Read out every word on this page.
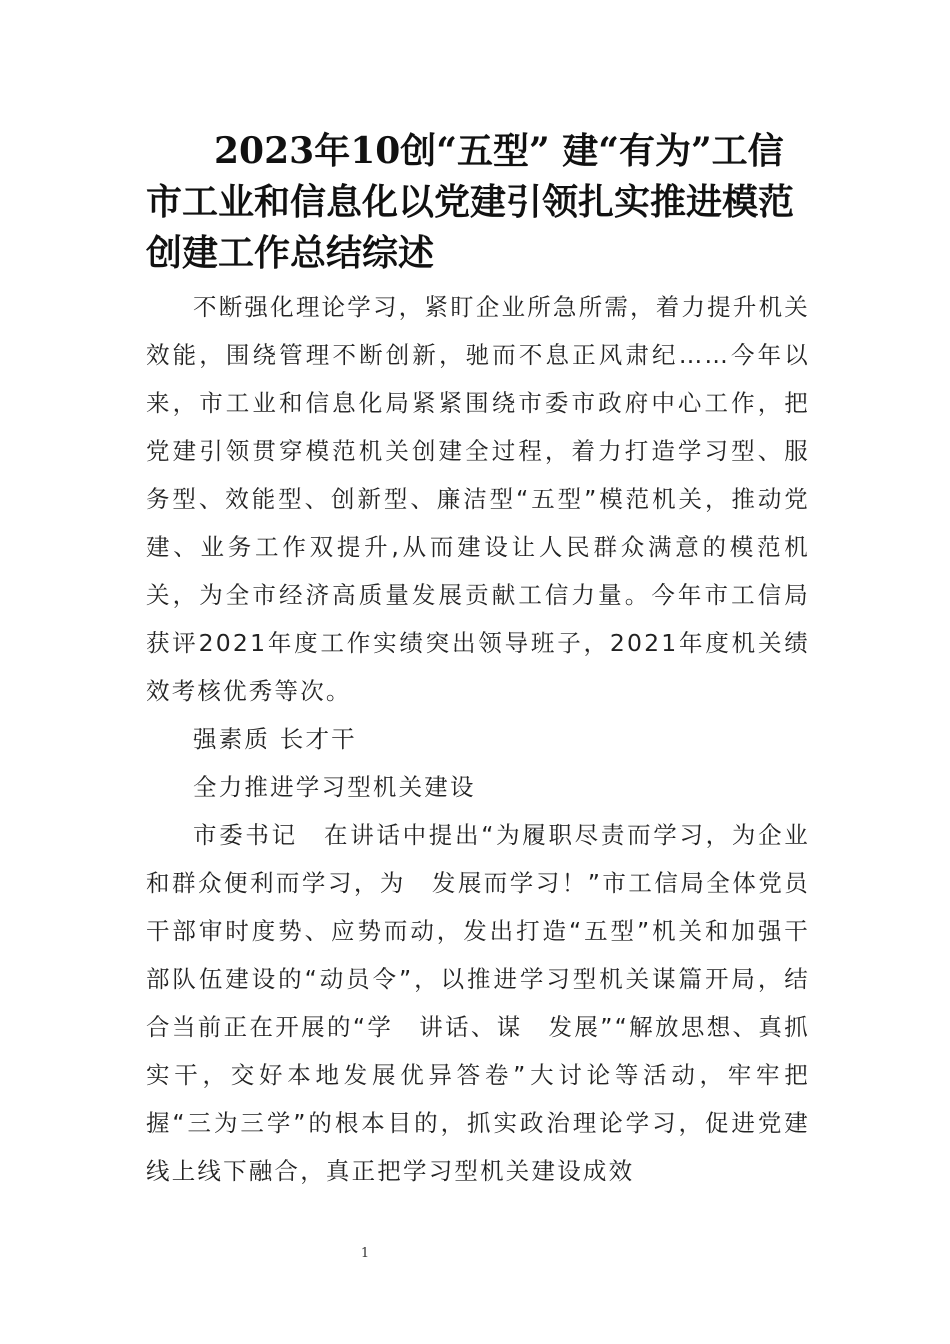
2023年10创“五型” 建“有为”工信
市工业和信息化以党建引领扎实推进模范
创建工作总结综述

不断强化理论学习，紧盯企业所急所需，着力提升机关效能，围绕管理不断创新，驰而不息正风肃纪……今年以来，市工业和信息化局紧紧围绕市委市政府中心工作，把党建引领贯穿模范机关创建全过程，着力打造学习型、服务型、效能型、创新型、廉洁型“五型”模范机关，推动党建、业务工作双提升,从而建设让人民群众满意的模范机关，为全市经济高质量发展贡献工信力量。今年市工信局获评2021年度工作实绩突出领导班子，2021年度机关绩效考核优秀等次。

强素质 长才干

全力推进学习型机关建设

市委书记　在讲话中提出“为履职尽责而学习，为企业和群众便利而学习，为　发展而学习！”市工信局全体党员干部审时度势、应势而动，发出打造“五型”机关和加强干部队伍建设的“动员令”，以推进学习型机关谋篇开局，结合当前正在开展的“学　讲话、谋　发展”“解放思想、真抓实干，交好本地发展优异答卷”大讨论等活动，牢牢把握“三为三学”的根本目的，抓实政治理论学习，促进党建线上线下融合，真正把学习型机关建设成效

1
